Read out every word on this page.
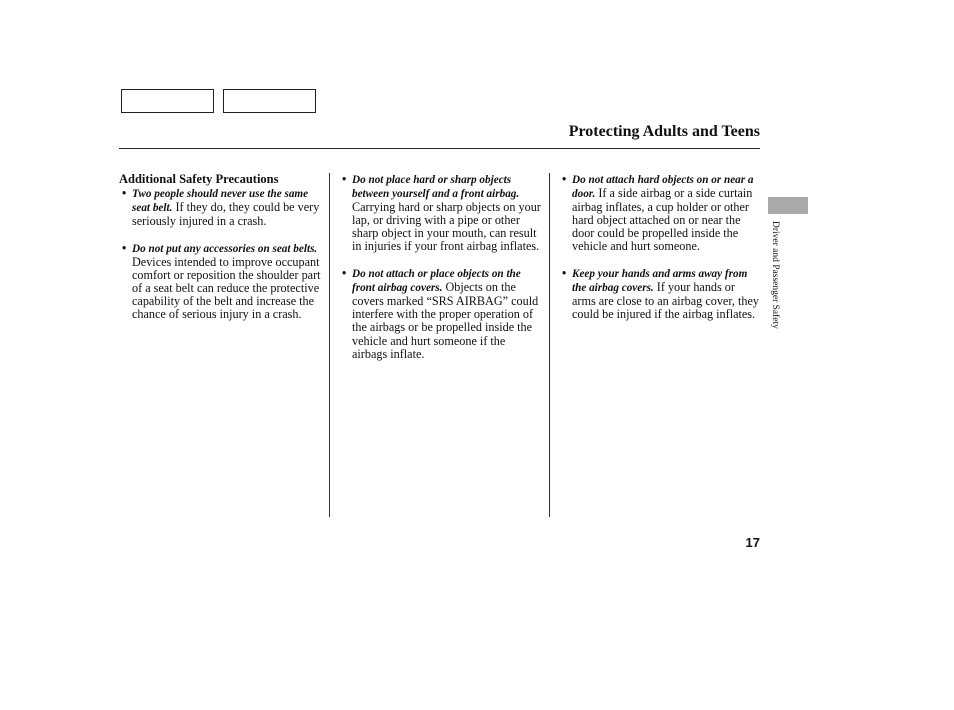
Protecting Adults and Teens
Additional Safety Precautions
• Two people should never use the same seat belt. If they do, they could be very seriously injured in a crash.
• Do not put any accessories on seat belts. Devices intended to improve occupant comfort or reposition the shoulder part of a seat belt can reduce the protective capability of the belt and increase the chance of serious injury in a crash.
• Do not place hard or sharp objects between yourself and a front airbag. Carrying hard or sharp objects on your lap, or driving with a pipe or other sharp object in your mouth, can result in injuries if your front airbag inflates.
• Do not attach or place objects on the front airbag covers. Objects on the covers marked “SRS AIRBAG” could interfere with the proper operation of the airbags or be propelled inside the vehicle and hurt someone if the airbags inflate.
• Do not attach hard objects on or near a door. If a side airbag or a side curtain airbag inflates, a cup holder or other hard object attached on or near the door could be propelled inside the vehicle and hurt someone.
• Keep your hands and arms away from the airbag covers. If your hands or arms are close to an airbag cover, they could be injured if the airbag inflates.	Driver and Passenger Safety
17
